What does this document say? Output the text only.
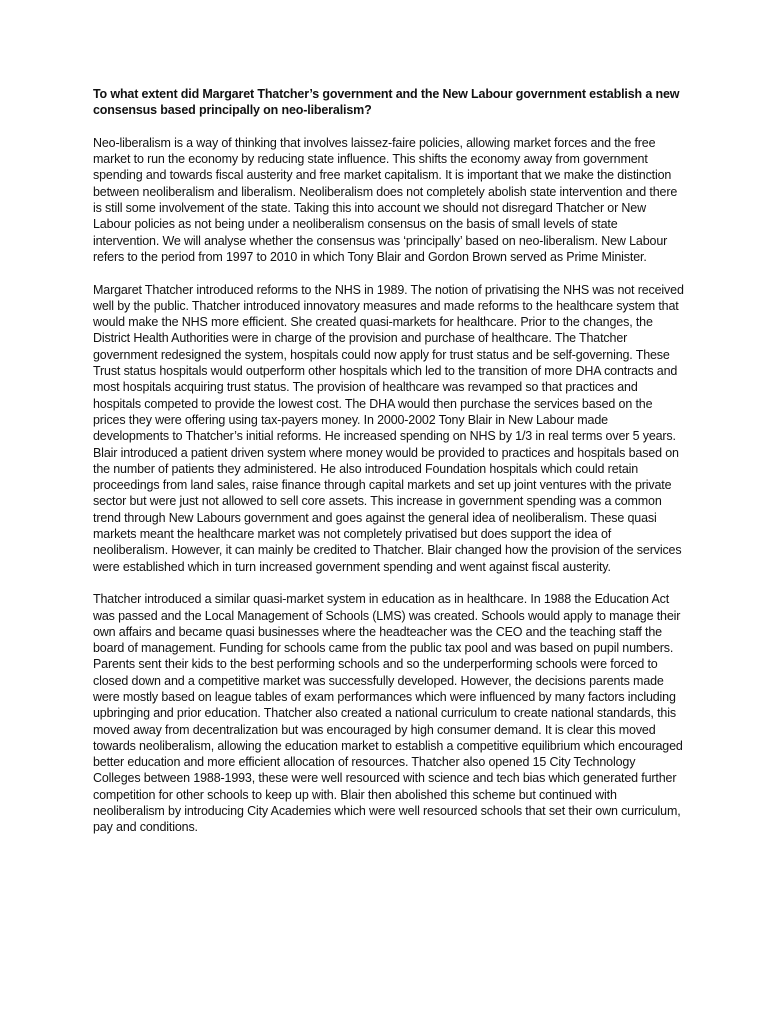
To what extent did Margaret Thatcher’s government and the New Labour government establish a new consensus based principally on neo-liberalism?

Neo-liberalism is a way of thinking that involves laissez-faire policies, allowing market forces and the free market to run the economy by reducing state influence. This shifts the economy away from government spending and towards fiscal austerity and free market capitalism. It is important that we make the distinction between neoliberalism and liberalism. Neoliberalism does not completely abolish state intervention and there is still some involvement of the state. Taking this into account we should not disregard Thatcher or New Labour policies as not being under a neoliberalism consensus on the basis of small levels of state intervention. We will analyse whether the consensus was ‘principally’ based on neo-liberalism. New Labour refers to the period from 1997 to 2010 in which Tony Blair and Gordon Brown served as Prime Minister.

Margaret Thatcher introduced reforms to the NHS in 1989. The notion of privatising the NHS was not received well by the public. Thatcher introduced innovatory measures and made reforms to the healthcare system that would make the NHS more efficient. She created quasi-markets for healthcare. Prior to the changes, the District Health Authorities were in charge of the provision and purchase of healthcare. The Thatcher government redesigned the system, hospitals could now apply for trust status and be self-governing. These Trust status hospitals would outperform other hospitals which led to the transition of more DHA contracts and most hospitals acquiring trust status. The provision of healthcare was revamped so that practices and hospitals competed to provide the lowest cost. The DHA would then purchase the services based on the prices they were offering using tax-payers money. In 2000-2002 Tony Blair in New Labour made developments to Thatcher’s initial reforms. He increased spending on NHS by 1/3 in real terms over 5 years. Blair introduced a patient driven system where money would be provided to practices and hospitals based on the number of patients they administered. He also introduced Foundation hospitals which could retain proceedings from land sales, raise finance through capital markets and set up joint ventures with the private sector but were just not allowed to sell core assets. This increase in government spending was a common trend through New Labours government and goes against the general idea of neoliberalism. These quasi markets meant the healthcare market was not completely privatised but does support the idea of neoliberalism. However, it can mainly be credited to Thatcher. Blair changed how the provision of the services were established which in turn increased government spending and went against fiscal austerity.

Thatcher introduced a similar quasi-market system in education as in healthcare. In 1988 the Education Act was passed and the Local Management of Schools (LMS) was created. Schools would apply to manage their own affairs and became quasi businesses where the headteacher was the CEO and the teaching staff the board of management. Funding for schools came from the public tax pool and was based on pupil numbers. Parents sent their kids to the best performing schools and so the underperforming schools were forced to closed down and a competitive market was successfully developed. However, the decisions parents made were mostly based on league tables of exam performances which were influenced by many factors including upbringing and prior education. Thatcher also created a national curriculum to create national standards, this moved away from decentralization but was encouraged by high consumer demand. It is clear this moved towards neoliberalism, allowing the education market to establish a competitive equilibrium which encouraged better education and more efficient allocation of resources. Thatcher also opened 15 City Technology Colleges between 1988-1993, these were well resourced with science and tech bias which generated further competition for other schools to keep up with. Blair then abolished this scheme but continued with neoliberalism by introducing City Academies which were well resourced schools that set their own curriculum, pay and conditions.
